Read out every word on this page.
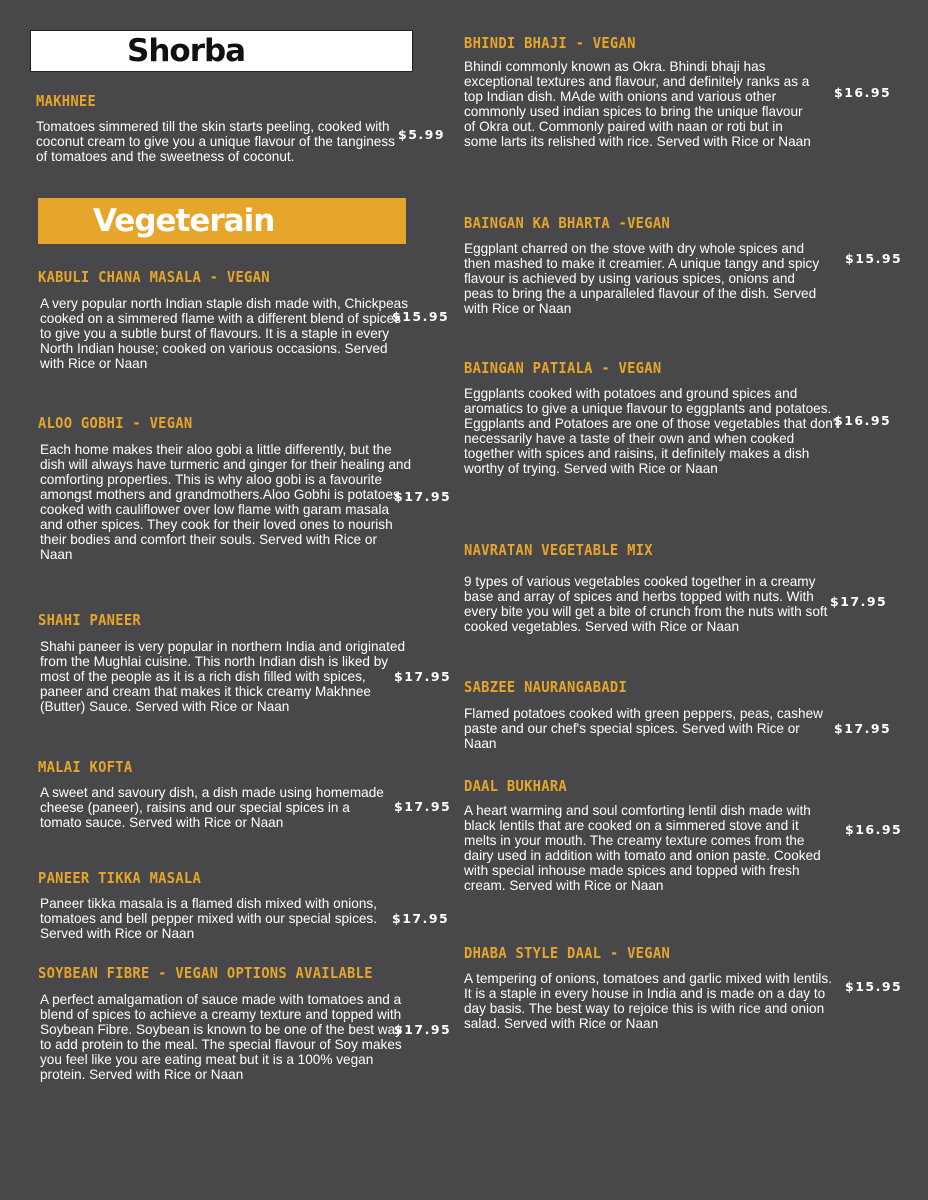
Shorba
Vegeterain
MAKHNEE
Tomatoes simmered till the skin starts peeling, cooked with coconut cream to give you a unique flavour of the tanginess of tomatoes and the sweetness of coconut.
$5.99
KABULI CHANA MASALA - VEGAN
A very popular north Indian staple dish made with, Chickpeas cooked on a simmered flame with a different blend of spices to give you a subtle burst of flavours. It is a staple in every North Indian house; cooked on various occasions. Served with Rice or Naan
$15.95
ALOO GOBHI - VEGAN
Each home makes their aloo gobi a little differently, but the dish will always have turmeric and ginger for their healing and comforting properties. This is why aloo gobi is a favourite amongst mothers and grandmothers.Aloo Gobhi is potatoes cooked with cauliflower over low flame with garam masala and other spices. They cook for their loved ones to nourish their bodies and comfort their souls. Served with Rice or Naan
$17.95
SHAHI PANEER
Shahi paneer is very popular in northern India and originated from the Mughlai cuisine. This north Indian dish is liked by most of the people as it is a rich dish filled with spices, paneer and cream that makes it thick creamy Makhnee (Butter) Sauce. Served with Rice or Naan
$17.95
MALAI KOFTA
A sweet and savoury dish, a dish made using homemade cheese (paneer), raisins and our special spices in a tomato sauce. Served with Rice or Naan
$17.95
PANEER TIKKA MASALA
Paneer tikka masala is a flamed dish mixed with onions, tomatoes and bell pepper mixed with our special spices. Served with Rice or Naan
$17.95
SOYBEAN FIBRE - VEGAN OPTIONS AVAILABLE
A perfect amalgamation of sauce made with tomatoes and a blend of spices to achieve a creamy texture and topped with Soybean Fibre. Soybean is known to be one of the best way to add protein to the meal. The special flavour of Soy makes you feel like you are eating meat but it is a 100% vegan protein. Served with Rice or Naan
$17.95
BHINDI BHAJI - VEGAN
Bhindi commonly known as Okra. Bhindi bhaji has exceptional textures and flavour, and definitely ranks as a top Indian dish. MAde with onions and various other commonly used indian spices to bring the unique flavour of Okra out. Commonly paired with naan or roti but in some larts its relished with rice. Served with Rice or Naan
$16.95
BAINGAN KA BHARTA -VEGAN
Eggplant charred on the stove with dry whole spices and then mashed to make it creamier. A unique tangy and spicy flavour is achieved by using various spices, onions and peas to bring the a unparalleled flavour of the dish. Served with Rice or Naan
$15.95
BAINGAN PATIALA - VEGAN
Eggplants cooked with potatoes and ground spices and aromatics to give a unique flavour to eggplants and potatoes. Eggplants and Potatoes are one of those vegetables that don't necessarily have a taste of their own and when cooked together with spices and raisins, it definitely makes a dish worthy of trying. Served with Rice or Naan
$16.95
NAVRATAN VEGETABLE MIX
9 types of various vegetables cooked together in a creamy base and array of spices and herbs topped with nuts. With every bite you will get a bite of crunch from the nuts with soft cooked vegetables. Served with Rice or Naan
$17.95
SABZEE NAURANGABADI
Flamed potatoes cooked with green peppers, peas, cashew paste and our chef's special spices. Served with Rice or Naan
$17.95
DAAL BUKHARA
A heart warming and soul comforting lentil dish made with black lentils that are cooked on a simmered stove and it melts in your mouth. The creamy texture comes from the dairy used in addition with tomato and onion paste. Cooked with special inhouse made spices and topped with fresh cream. Served with Rice or Naan
$16.95
DHABA STYLE DAAL - VEGAN
A tempering of onions, tomatoes and garlic mixed with lentils. It is a staple in every house in India and is made on a day to day basis. The best way to rejoice this is with rice and onion salad. Served with Rice or Naan
$15.95
